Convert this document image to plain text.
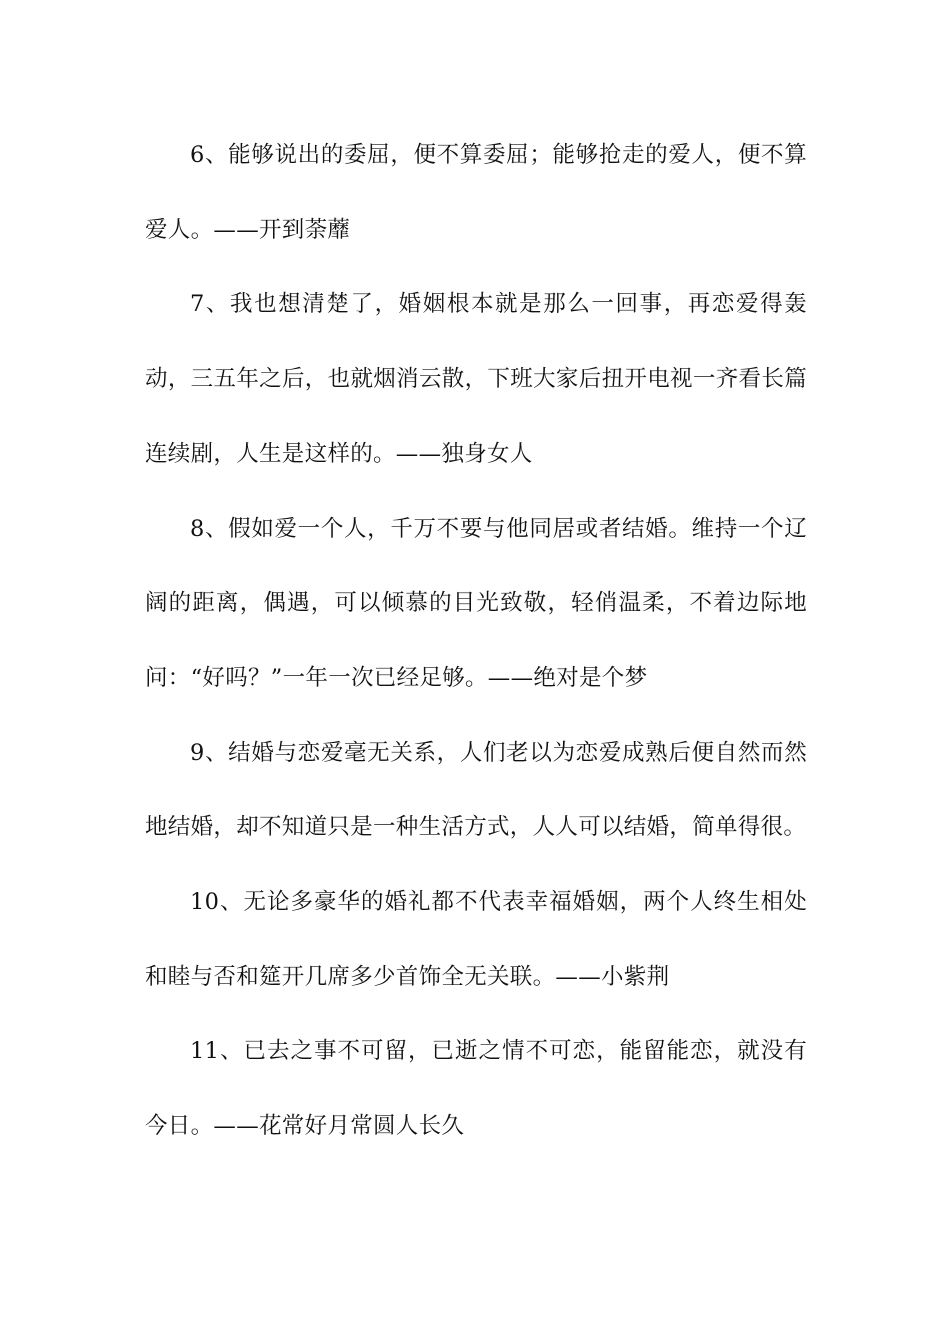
6、能够说出的委屈，便不算委屈；能够抢走的爱人，便不算爱人。——开到荼蘼

7、我也想清楚了，婚姻根本就是那么一回事，再恋爱得轰动，三五年之后，也就烟消云散，下班大家后扭开电视一齐看长篇连续剧，人生是这样的。——独身女人

8、假如爱一个人，千万不要与他同居或者结婚。维持一个辽阔的距离，偶遇，可以倾慕的目光致敬，轻俏温柔，不着边际地问：“好吗？”一年一次已经足够。——绝对是个梦

9、结婚与恋爱毫无关系，人们老以为恋爱成熟后便自然而然地结婚，却不知道只是一种生活方式，人人可以结婚，简单得很。

10、无论多豪华的婚礼都不代表幸福婚姻，两个人终生相处和睦与否和筵开几席多少首饰全无关联。——小紫荆

11、已去之事不可留，已逝之情不可恋，能留能恋，就没有今日。——花常好月常圆人长久
